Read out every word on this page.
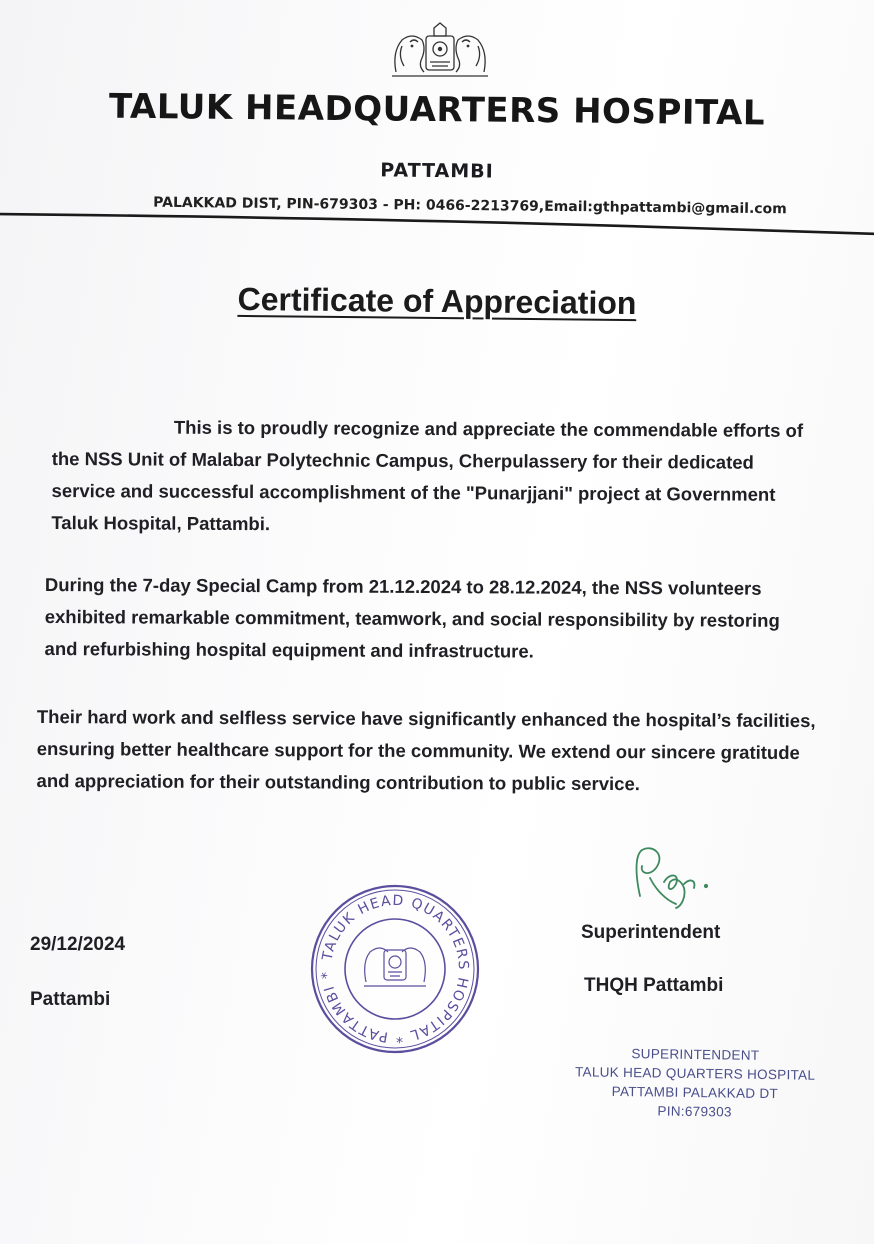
TALUK HEADQUARTERS HOSPITAL
PATTAMBI
PALAKKAD DIST, PIN-679303 - PH: 0466-2213769,Email:gthpattambi@gmail.com
Certificate of Appreciation

This is to proudly recognize and appreciate the commendable efforts of the NSS Unit of Malabar Polytechnic Campus, Cherpulassery for their dedicated service and successful accomplishment of the "Punarjjani" project at Government Taluk Hospital, Pattambi.

During the 7-day Special Camp from 21.12.2024 to 28.12.2024, the NSS volunteers exhibited remarkable commitment, teamwork, and social responsibility by restoring and refurbishing hospital equipment and infrastructure.

Their hard work and selfless service have significantly enhanced the hospital’s facilities, ensuring better healthcare support for the community. We extend our sincere gratitude and appreciation for their outstanding contribution to public service.

29/12/2024
Pattambi
TALUK HEAD QUARTERS HOSPITAL * PATTAMBI *
Superintendent
THQH Pattambi
SUPERINTENDENT
TALUK HEAD QUARTERS HOSPITAL
PATTAMBI PALAKKAD DT
PIN:679303
